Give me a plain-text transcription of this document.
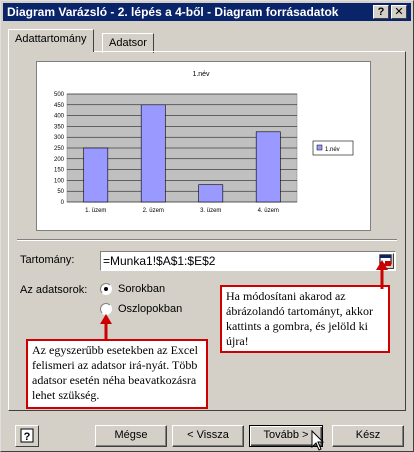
Diagram Varázsló - 2. lépés a 4-ből - Diagram forrásadatok	? ✕
Adattartomány	Adatsor
1.név
0
50
100
150
200
250
300
350
400
450
500
1. üzem	2. üzem	3. üzem	4. üzem
1.név
Tartomány: =Munka1!$A$1:$E$2
Az adatsorok:	Sorokban
Oszlopokban
Ha módosítani akarod az ábrázolandó tartományt, akkor kattints a gombra, és jelöld ki újra!
Az egyszerűbb esetekben az Excel felismeri az adatsor irá-nyát. Több adatsor esetén néha beavatkozásra lehet szükség.
?	Mégse	< Vissza	Tovább >	Kész
